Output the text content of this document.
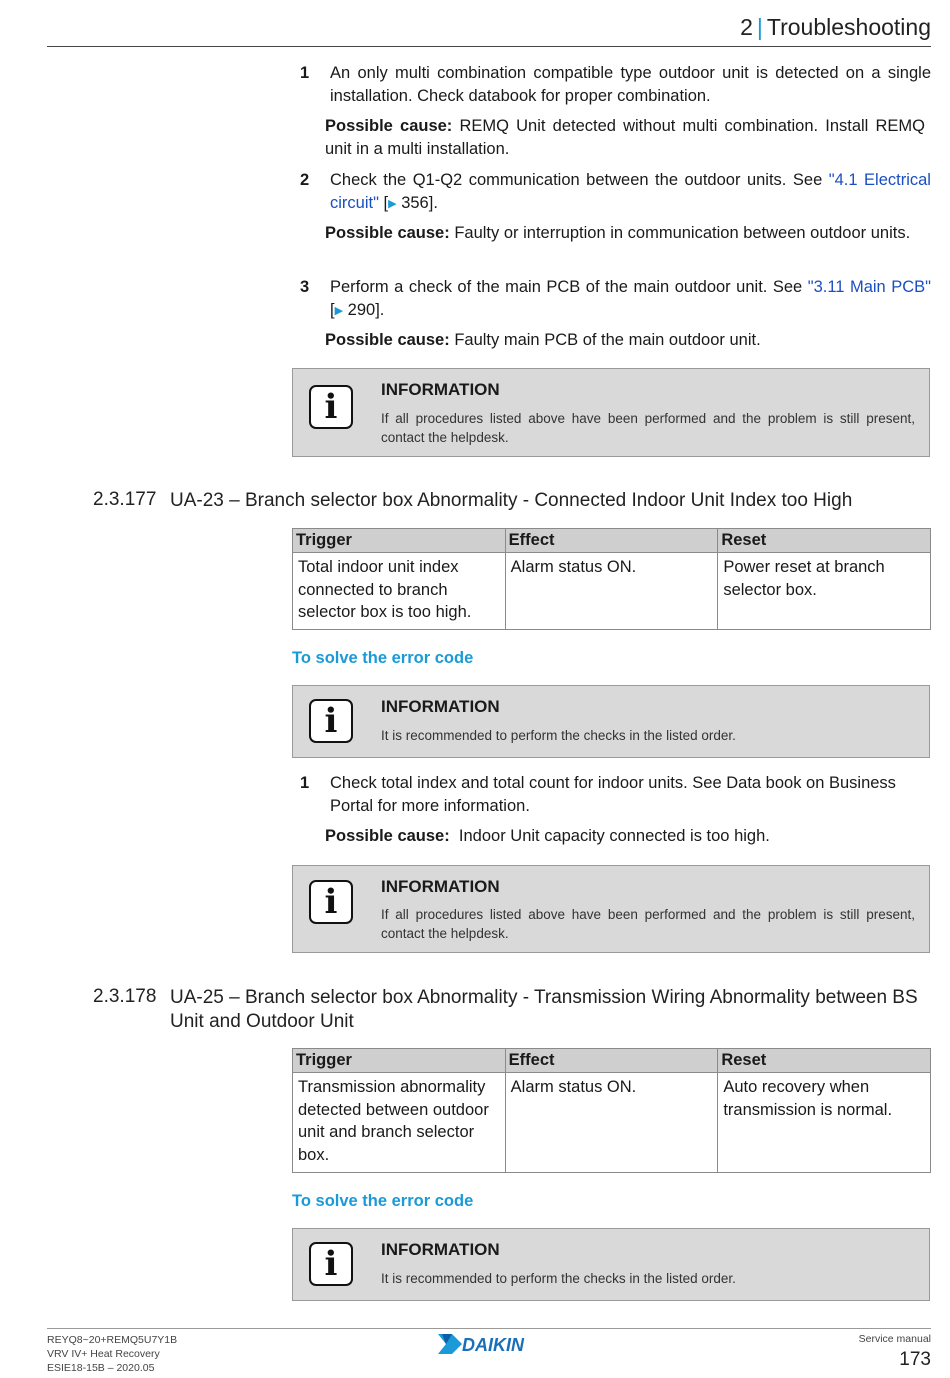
2 | Troubleshooting
1 An only multi combination compatible type outdoor unit is detected on a single installation. Check databook for proper combination.
Possible cause: REMQ Unit detected without multi combination. Install REMQ unit in a multi installation.
2 Check the Q1-Q2 communication between the outdoor units. See "4.1 Electrical circuit" [▶ 356].
Possible cause: Faulty or interruption in communication between outdoor units.
3 Perform a check of the main PCB of the main outdoor unit. See "3.11 Main PCB" [▶ 290].
Possible cause: Faulty main PCB of the main outdoor unit.
i	INFORMATION
If all procedures listed above have been performed and the problem is still present, contact the helpdesk.
2.3.177 UA-23 – Branch selector box Abnormality - Connected Indoor Unit Index too High
Trigger	Effect	Reset
Total indoor unit index connected to branch selector box is too high.	Alarm status ON.	Power reset at branch selector box.
To solve the error code
i	INFORMATION
It is recommended to perform the checks in the listed order.
1 Check total index and total count for indoor units. See Data book on Business Portal for more information.
Possible cause: Indoor Unit capacity connected is too high.
i	INFORMATION
If all procedures listed above have been performed and the problem is still present, contact the helpdesk.
2.3.178 UA-25 – Branch selector box Abnormality - Transmission Wiring Abnormality between BS Unit and Outdoor Unit
Trigger	Effect	Reset
Transmission abnormality detected between outdoor unit and branch selector box.	Alarm status ON.	Auto recovery when transmission is normal.
To solve the error code
i	INFORMATION
It is recommended to perform the checks in the listed order.
REYQ8~20+REMQ5U7Y1B
VRV IV+ Heat Recovery
ESIE18-15B – 2020.05
DAIKIN	Service manual
173
